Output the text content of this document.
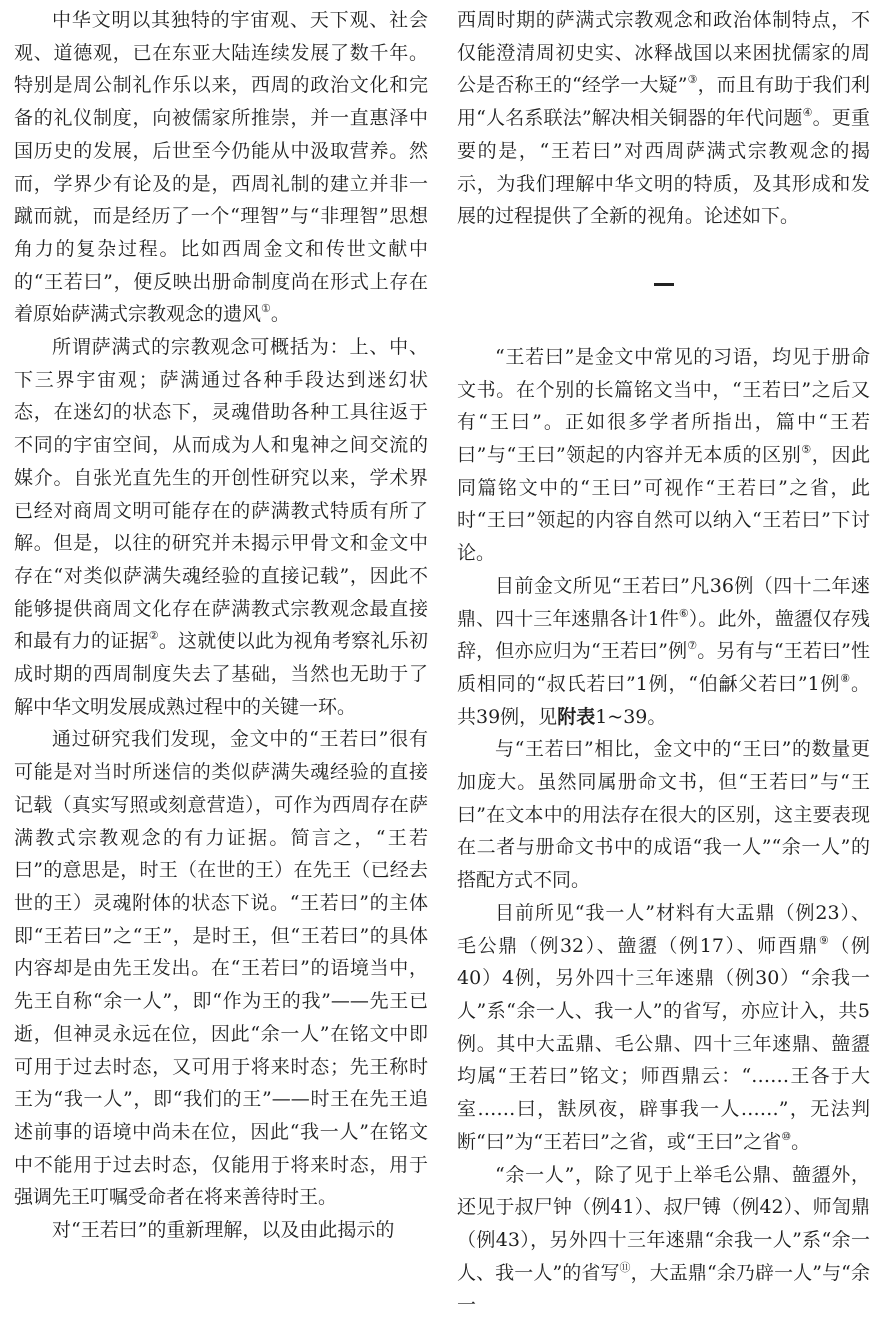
中华文明以其独特的宇宙观、天下观、社会观、道德观，已在东亚大陆连续发展了数千年。特别是周公制礼作乐以来，西周的政治文化和完备的礼仪制度，向被儒家所推崇，并一直惠泽中国历史的发展，后世至今仍能从中汲取营养。然而，学界少有论及的是，西周礼制的建立并非一蹴而就，而是经历了一个“理智”与“非理智”思想角力的复杂过程。比如西周金文和传世文献中的“王若曰”，便反映出册命制度尚在形式上存在着原始萨满式宗教观念的遗风①。

所谓萨满式的宗教观念可概括为：上、中、下三界宇宙观；萨满通过各种手段达到迷幻状态，在迷幻的状态下，灵魂借助各种工具往返于不同的宇宙空间，从而成为人和鬼神之间交流的媒介。自张光直先生的开创性研究以来，学术界已经对商周文明可能存在的萨满教式特质有所了解。但是，以往的研究并未揭示甲骨文和金文中存在“对类似萨满失魂经验的直接记载”，因此不能够提供商周文化存在萨满教式宗教观念最直接和最有力的证据②。这就使以此为视角考察礼乐初成时期的西周制度失去了基础，当然也无助于了解中华文明发展成熟过程中的关键一环。

通过研究我们发现，金文中的“王若曰”很有可能是对当时所迷信的类似萨满失魂经验的直接记载（真实写照或刻意营造），可作为西周存在萨满教式宗教观念的有力证据。简言之，“王若曰”的意思是，时王（在世的王）在先王（已经去世的王）灵魂附体的状态下说。“王若曰”的主体即“王若曰”之“王”，是时王，但“王若曰”的具体内容却是由先王发出。在“王若曰”的语境当中，先王自称“余一人”，即“作为王的我”——先王已逝，但神灵永远在位，因此“余一人”在铭文中即可用于过去时态，又可用于将来时态；先王称时王为“我一人”，即“我们的王”——时王在先王追述前事的语境中尚未在位，因此“我一人”在铭文中不能用于过去时态，仅能用于将来时态，用于强调先王叮嘱受命者在将来善待时王。

对“王若曰”的重新理解，以及由此揭示的

西周时期的萨满式宗教观念和政治体制特点，不仅能澄清周初史实、冰释战国以来困扰儒家的周公是否称王的“经学一大疑”③，而且有助于我们利用“人名系联法”解决相关铜器的年代问题④。更重要的是，“王若曰”对西周萨满式宗教观念的揭示，为我们理解中华文明的特质，及其形成和发展的过程提供了全新的视角。论述如下。

“王若曰”是金文中常见的习语，均见于册命文书。在个别的长篇铭文当中，“王若曰”之后又有“王曰”。正如很多学者所指出，篇中“王若曰”与“王曰”领起的内容并无本质的区别⑤，因此同篇铭文中的“王曰”可视作“王若曰”之省，此时“王曰”领起的内容自然可以纳入“王若曰”下讨论。

目前金文所见“王若曰”凡36例（四十二年逨鼎、四十三年逨鼎各计1件⑥）。此外，䀇盨仅存残辞，但亦应归为“王若曰”例⑦。另有与“王若曰”性质相同的“叔氏若曰”1例，“伯龢父若曰”1例⑧。共39例，见附表1~39。

与“王若曰”相比，金文中的“王曰”的数量更加庞大。虽然同属册命文书，但“王若曰”与“王曰”在文本中的用法存在很大的区别，这主要表现在二者与册命文书中的成语“我一人”“余一人”的搭配方式不同。

目前所见“我一人”材料有大盂鼎（例23）、毛公鼎（例32）、䀇盨（例17）、师酉鼎⑨（例40）4例，另外四十三年逨鼎（例30）“余我一人”系“余一人、我一人”的省写，亦应计入，共5例。其中大盂鼎、毛公鼎、四十三年逨鼎、䀇盨均属“王若曰”铭文；师酉鼎云：“……王各于大室……曰，㝬夙夜，辟事我一人……”，无法判断“曰”为“王若曰”之省，或“王曰”之省⑩。

“余一人”，除了见于上举毛公鼎、䀇盨外，还见于叔尸钟（例41）、叔尸镈（例42）、师訇鼎（例43），另外四十三年逨鼎“余我一人”系“余一人、我一人”的省写⑪，大盂鼎“余乃辟一人”与“余一
